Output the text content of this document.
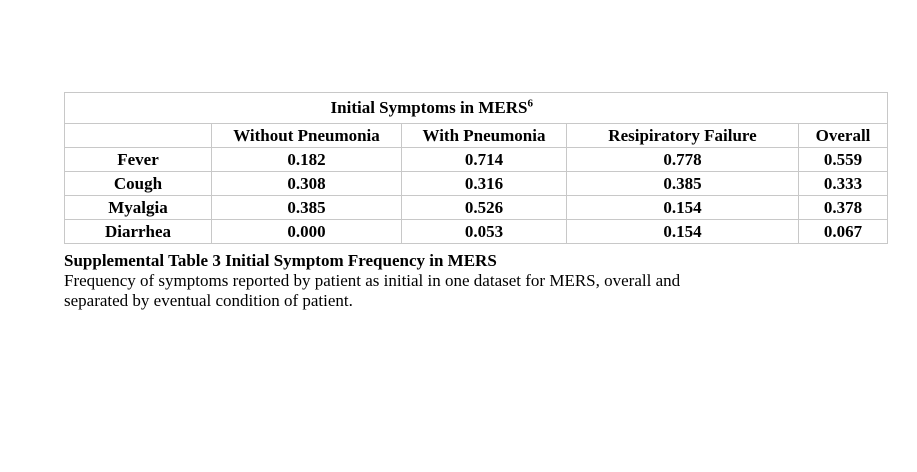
Initial Symptoms in MERS$^6$	
	Without Pneumonia	With Pneumonia	Resipiratory Failure	Overall
Fever	0.182	0.714	0.778	0.559
Cough	0.308	0.316	0.385	0.333
Myalgia	0.385	0.526	0.154	0.378
Diarrhea	0.000	0.053	0.154	0.067
Supplemental Table 3 Initial Symptom Frequency in MERS
Frequency of symptoms reported by patient as initial in one dataset for MERS, overall and
separated by eventual condition of patient.
